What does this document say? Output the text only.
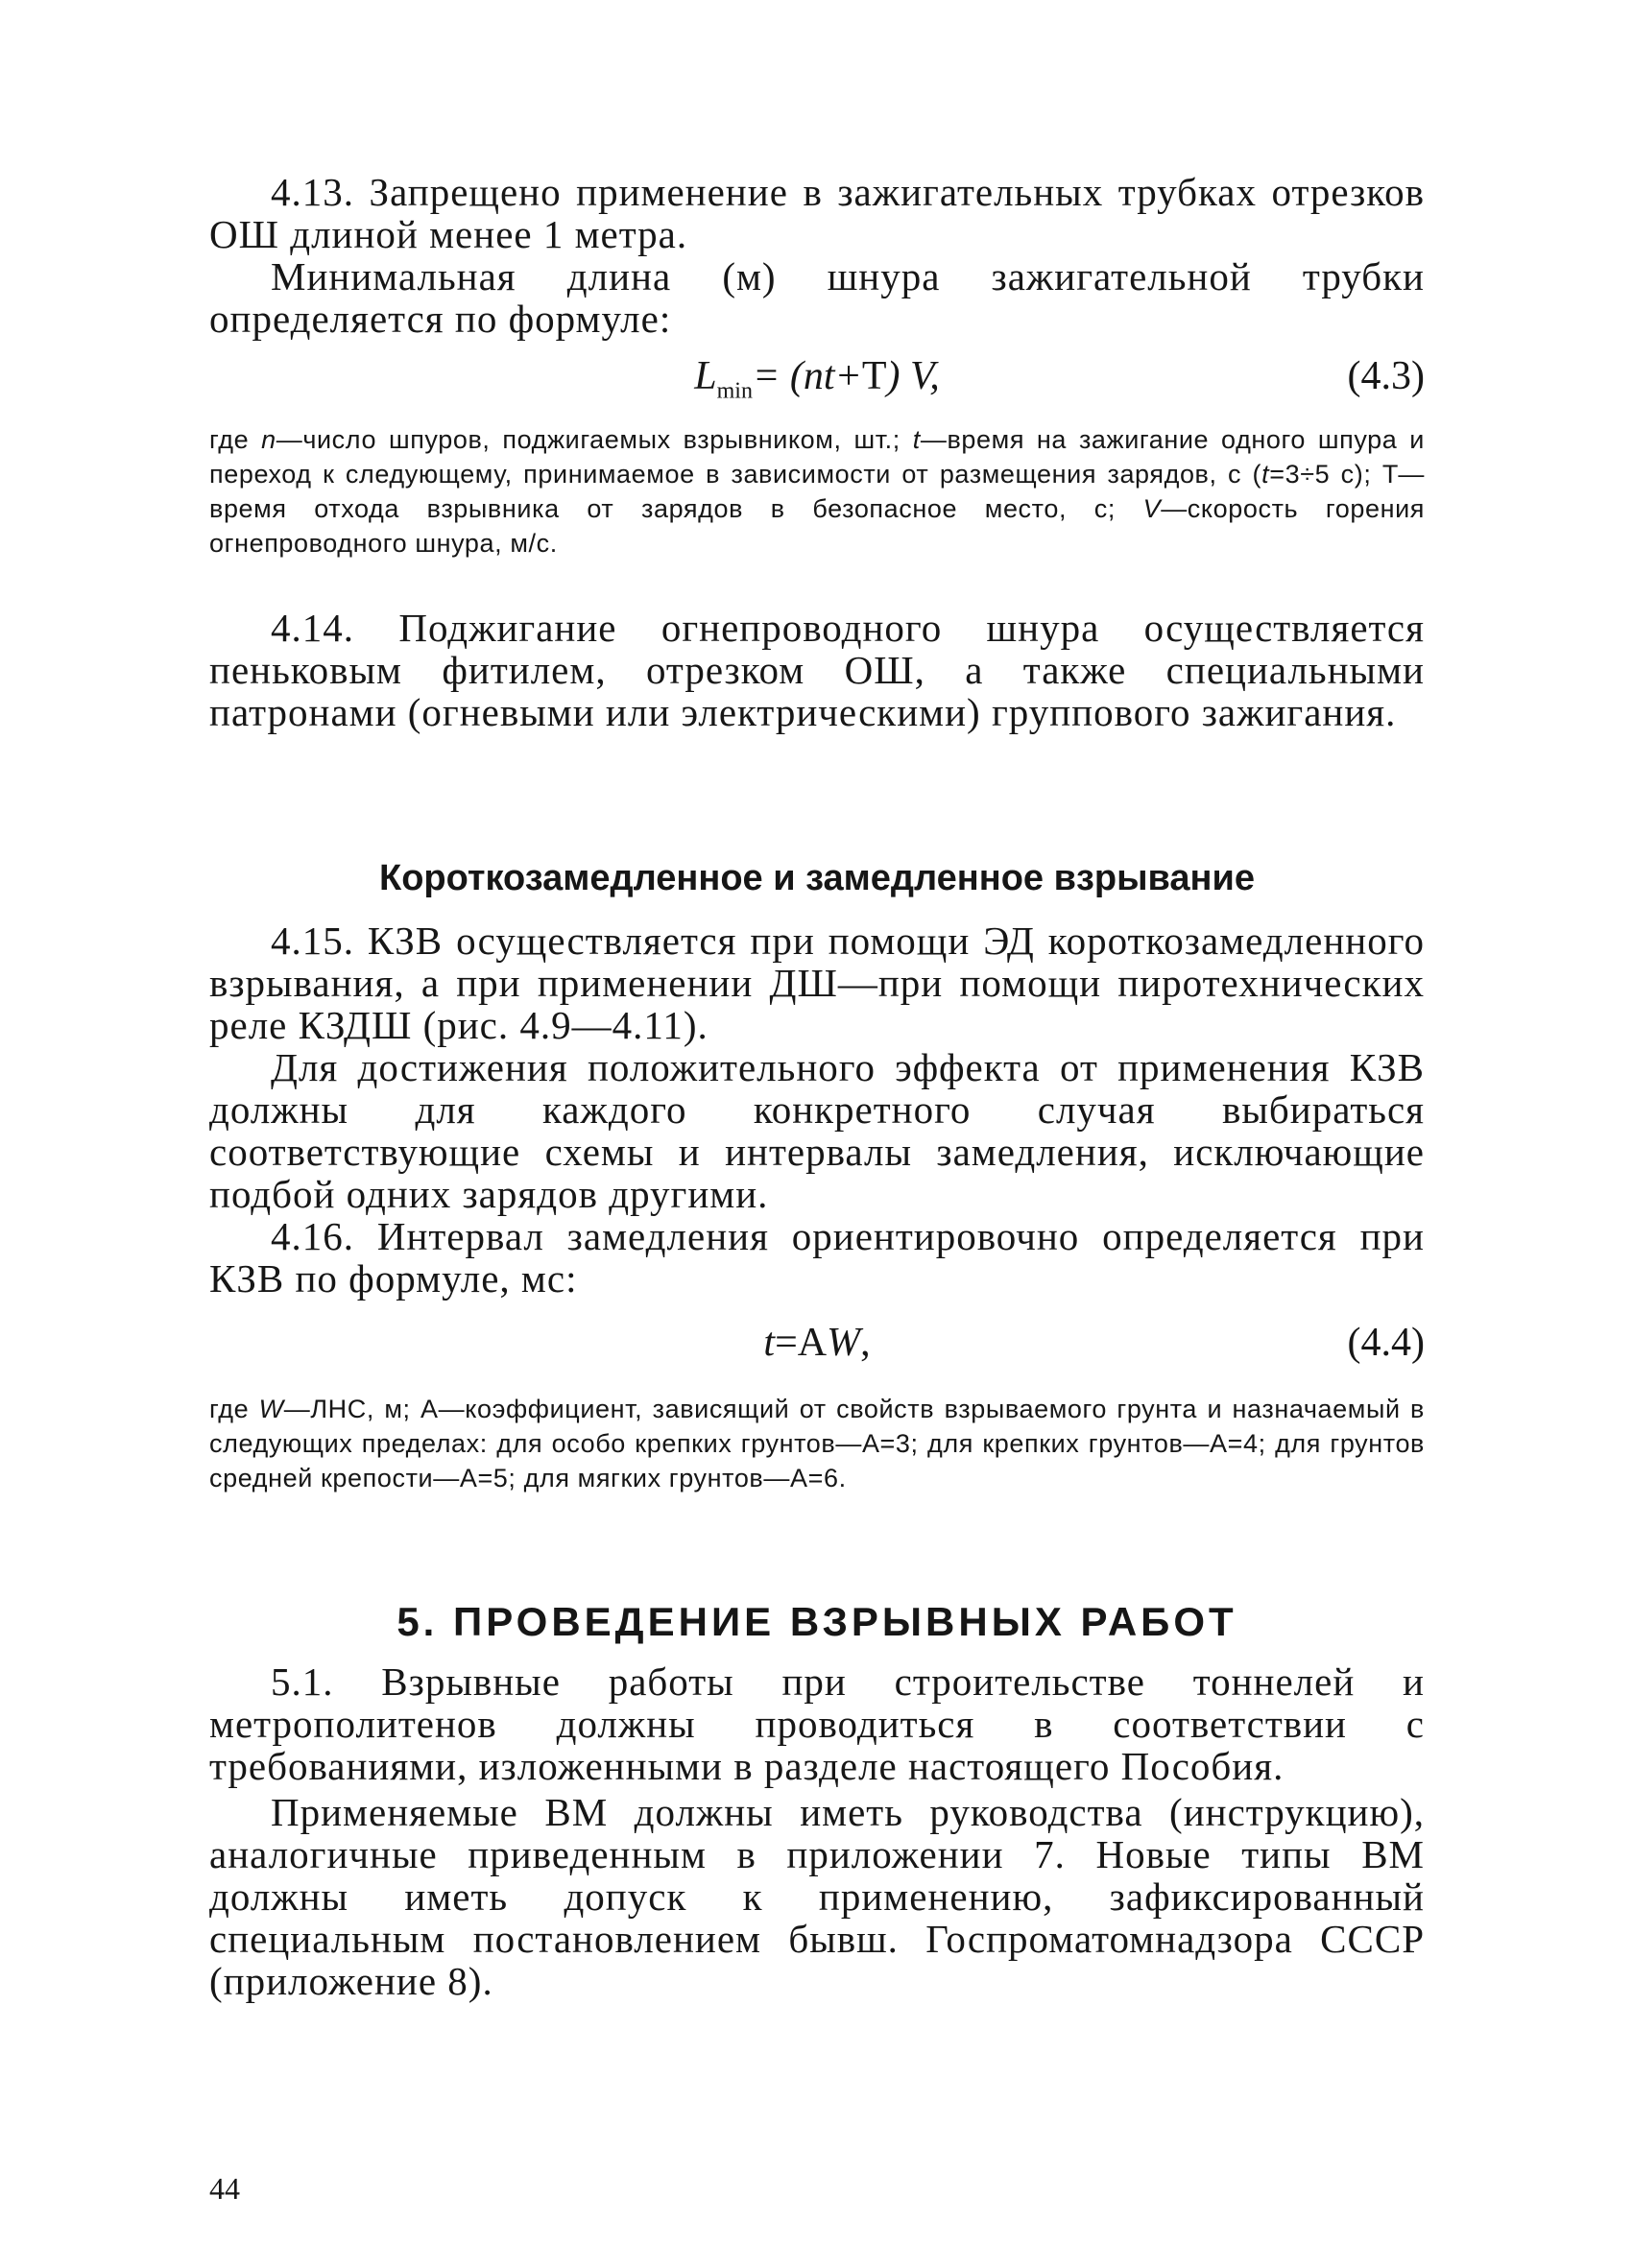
4.13. Запрещено применение в зажигательных трубках отрезков ОШ длиной менее 1 метра.

Минимальная длина (м) шнура зажигательной трубки определяется по формуле:

$L_{min}= (nt+T)$ V,	(4.3)

где n—число шпуров, поджигаемых взрывником, шт.; t—время на зажигание одного шпура и переход к следующему, принимаемое в зависимости от размещения зарядов, с (t=3÷5 с); Т—время отхода взрывника от зарядов в безопасное место, с; V—скорость горения огнепроводного шнура, м/с.

4.14. Поджигание огнепроводного шнура осуществляется пеньковым фитилем, отрезком ОШ, а также специальными патронами (огневыми или электрическими) группового зажигания.

Короткозамедленное и замедленное взрывание

4.15. КЗВ осуществляется при помощи ЭД короткозамедленного взрывания, а при применении ДШ—при помощи пиротехнических реле КЗДШ (рис. 4.9—4.11).

Для достижения положительного эффекта от применения КЗВ должны для каждого конкретного случая выбираться соответствующие схемы и интервалы замедления, исключающие подбой одних зарядов другими.

4.16. Интервал замедления ориентировочно определяется при КЗВ по формуле, мс:

t=AW,	(4.4)

где W—ЛНС, м; А—коэффициент, зависящий от свойств взрываемого грунта и назначаемый в следующих пределах: для особо крепких грунтов—А=3; для крепких грунтов—А=4; для грунтов средней крепости—А=5; для мягких грунтов—А=6.

5. ПРОВЕДЕНИЕ ВЗРЫВНЫХ РАБОТ

5.1. Взрывные работы при строительстве тоннелей и метрополитенов должны проводиться в соответствии с требованиями, изложенными в разделе настоящего Пособия.

Применяемые ВМ должны иметь руководства (инструкцию), аналогичные приведенным в приложении 7. Новые типы ВМ должны иметь допуск к применению, зафиксированный специальным постановлением бывш. Госпроматомнадзора СССР (приложение 8).

44
